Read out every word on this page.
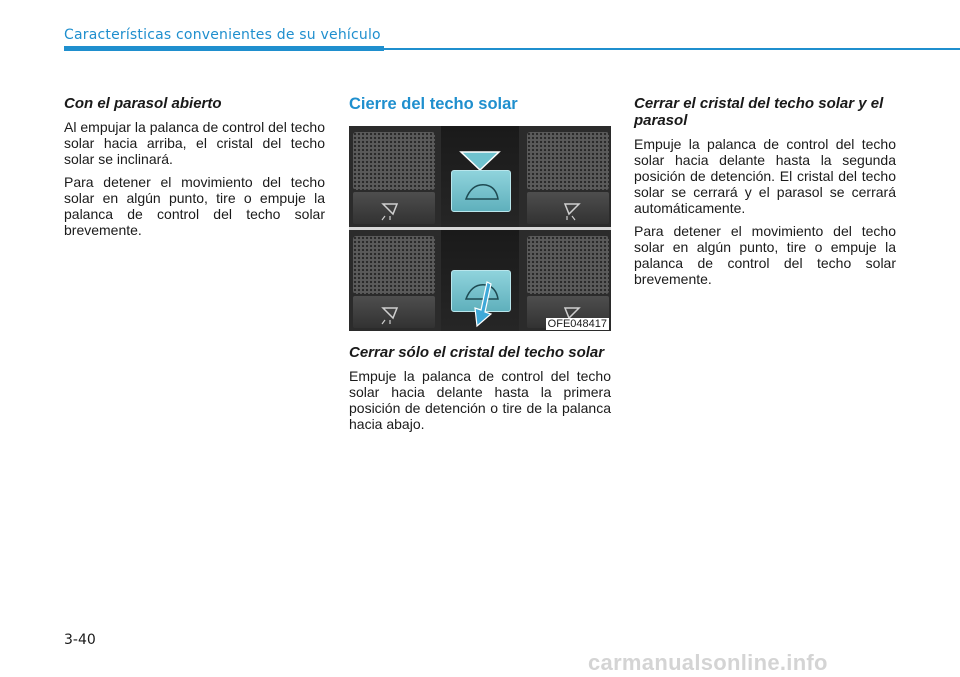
Características convenientes de su vehículo
Con el parasol abierto

Al empujar la palanca de control del techo solar hacia arriba, el cristal del techo solar se inclinará.

Para detener el movimiento del techo solar en algún punto, tire o empuje la palanca de control del techo solar brevemente.

Cierre del techo solar
OFE048417
Cerrar sólo el cristal del techo solar

Empuje la palanca de control del techo solar hacia delante hasta la primera posición de detención o tire de la palanca hacia abajo.

Cerrar el cristal del techo solar y el parasol

Empuje la palanca de control del techo solar hacia delante hasta la segunda posición de detención. El cristal del techo solar se cerrará y el parasol se cerrará automáticamente.

Para detener el movimiento del techo solar en algún punto, tire o empuje la palanca de control del techo solar brevemente.

3-40
carmanualsonline.info
